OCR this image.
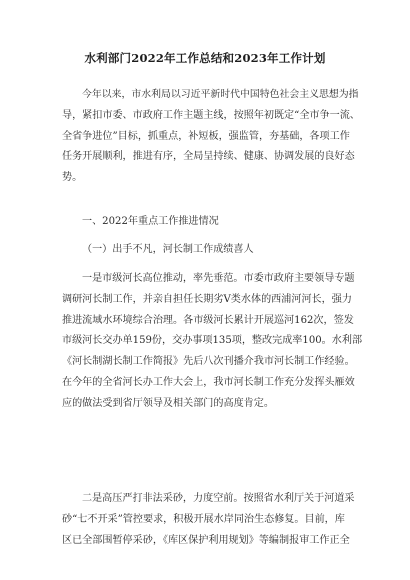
水利部门2022年工作总结和2023年工作计划
今年以来，市水利局以习近平新时代中国特色社会主义思想为指
导，紧扣市委、市政府工作主题主线，按照年初既定“全市争一流、
全省争进位”目标，抓重点，补短板，强监管，夯基础，各项工作
任务开展顺利，推进有序，全局呈持续、健康、协调发展的良好态
势。
一、2022年重点工作推进情况
（一）出手不凡，河长制工作成绩喜人
一是市级河长高位推动，率先垂范。市委市政府主要领导专题
调研河长制工作，并亲自担任长期劣V类水体的西浦河河长，强力
推进流域水环境综合治理。各市级河长累计开展巡河162次，签发
市级河长交办单159份，交办事项135项，整改完成率100。水利部
《河长制湖长制工作简报》先后八次刊播介我市河长制工作经验。
在今年的全省河长办工作大会上，我市河长制工作充分发挥头雁效
应的做法受到省厅领导及相关部门的高度肯定。
二是高压严打非法采砂，力度空前。按照省水利厅关于河道采
砂“七不开采”管控要求，积极开展水岸同治生态修复。目前，库
区已全部围暂停采砂，《库区保护利用规划》等编制报审工作正全
